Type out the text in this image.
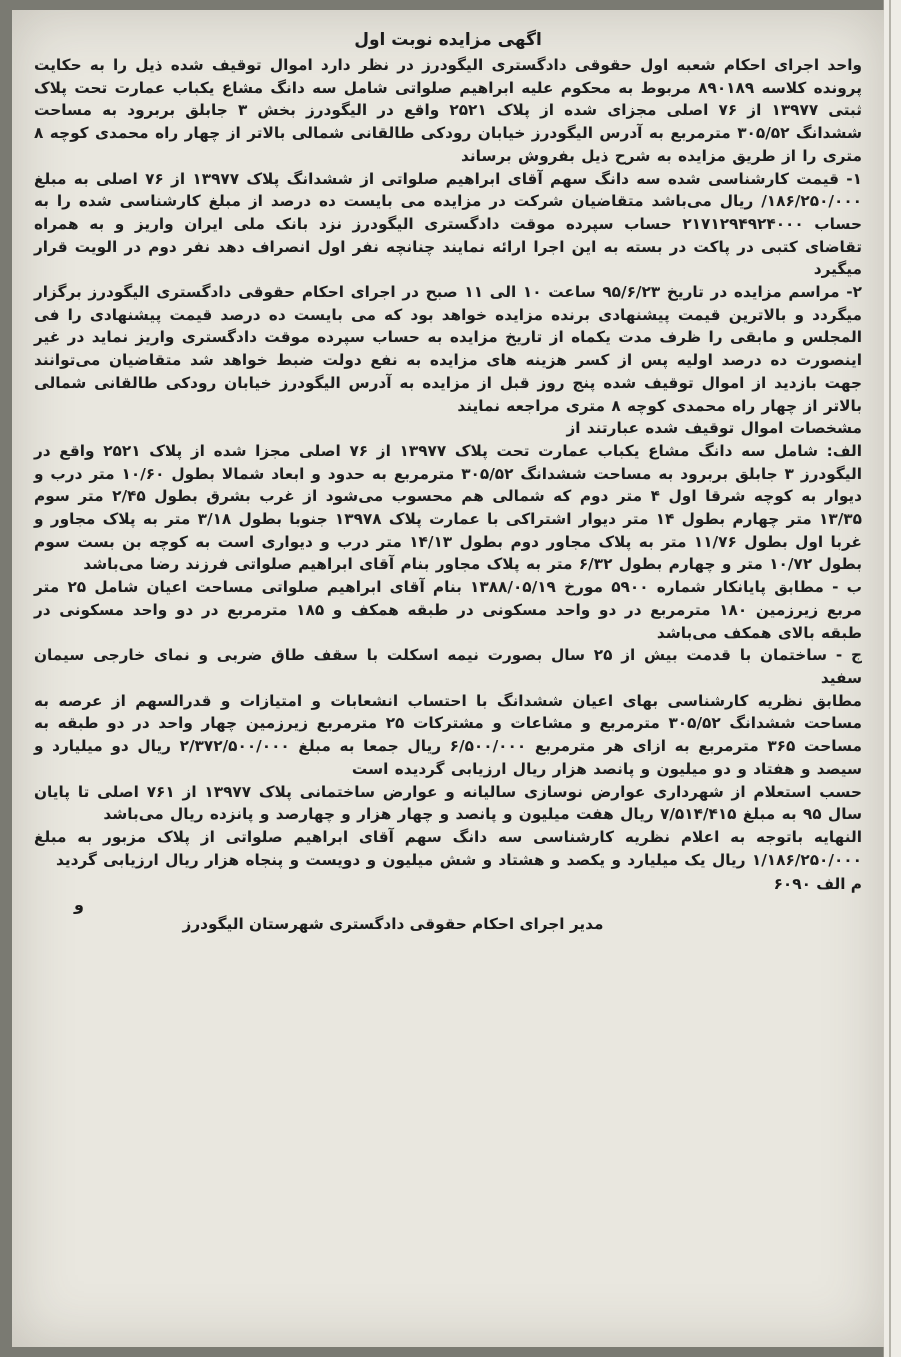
اگهی مزایده نوبت اول

واحد اجرای احکام شعبه اول حقوقی دادگستری الیگودرز در نظر دارد اموال توقیف شده ذیل را به حکایت پرونده کلاسه ۸۹۰۱۸۹ مربوط به محکوم علیه ابراهیم صلواتی شامل سه دانگ مشاع یکباب عمارت تحت پلاک ثبتی ۱۳۹۷۷ از ۷۶ اصلی مجزای شده از پلاک ۲۵۲۱ واقع در الیگودرز بخش ۳ جابلق بربرود به مساحت ششدانگ ۳۰۵/۵۲ مترمربع به آدرس الیگودرز خیابان رودکی طالقانی شمالی بالاتر از چهار راه محمدی کوچه ۸ متری را از طریق مزایده به شرح ذیل بفروش برساند

۱- قیمت کارشناسی شده سه دانگ سهم آقای ابراهیم صلواتی از ششدانگ پلاک ۱۳۹۷۷ از ۷۶ اصلی به مبلغ ۱۸۶/۲۵۰/۰۰۰/ ریال می‌باشد متقاضیان شرکت در مزایده می بایست ده درصد از مبلغ کارشناسی شده را به حساب ۲۱۷۱۲۹۴۹۲۴۰۰۰ حساب سپرده موقت دادگستری الیگودرز نزد بانک ملی ایران واریز و به همراه تقاضای کتبی در پاکت در بسته به این اجرا ارائه نمایند چنانچه نفر اول انصراف دهد نفر دوم در الویت قرار میگیرد

۲- مراسم مزایده در تاریخ ۹۵/۶/۲۳ ساعت ۱۰ الی ۱۱ صبح در اجرای احکام حقوقی دادگستری الیگودرز برگزار میگردد و بالاترین قیمت پیشنهادی برنده مزایده خواهد بود که می بایست ده درصد قیمت پیشنهادی را فی المجلس و مابقی را ظرف مدت یکماه از تاریخ مزایده به حساب سپرده موقت دادگستری واریز نماید در غیر اینصورت ده درصد اولیه پس از کسر هزینه های مزایده به نفع دولت ضبط خواهد شد متقاضیان می‌توانند جهت بازدید از اموال توقیف شده پنج روز قبل از مزایده به آدرس الیگودرز خیابان رودکی طالقانی شمالی بالاتر از چهار راه محمدی کوچه ۸ متری مراجعه نمایند

مشخصات اموال توقیف شده عبارتند از

الف: شامل سه دانگ مشاع یکباب عمارت تحت پلاک ۱۳۹۷۷ از ۷۶ اصلی مجزا شده از پلاک ۲۵۲۱ واقع در الیگودرز ۳ جابلق بربرود به مساحت ششدانگ ۳۰۵/۵۲ مترمربع به حدود و ابعاد شمالا بطول ۱۰/۶۰ متر درب و دیوار به کوچه شرقا اول ۴ متر دوم که شمالی هم محسوب می‌شود از غرب بشرق بطول ۲/۴۵ متر سوم ۱۳/۳۵ متر چهارم بطول ۱۴ متر دیوار اشتراکی با عمارت پلاک ۱۳۹۷۸ جنوبا بطول ۳/۱۸ متر به پلاک مجاور و غربا اول بطول ۱۱/۷۶ متر به پلاک مجاور دوم بطول ۱۴/۱۳ متر درب و دیواری است به کوچه بن بست سوم بطول ۱۰/۷۲ متر و چهارم بطول ۶/۳۲ متر به پلاک مجاور بنام آقای ابراهیم صلواتی فرزند رضا می‌باشد

ب - مطابق پایانکار شماره ۵۹۰۰ مورخ ۱۳۸۸/۰۵/۱۹ بنام آقای ابراهیم صلواتی مساحت اعیان شامل ۲۵ متر مربع زیرزمین ۱۸۰ مترمربع در دو واحد مسکونی در طبقه همکف و ۱۸۵ مترمربع در دو واحد مسکونی در طبقه بالای همکف می‌باشد

ج - ساختمان با قدمت بیش از ۲۵ سال بصورت نیمه اسکلت با سقف طاق ضربی و نمای خارجی سیمان سفید

مطابق نظریه کارشناسی بهای اعیان ششدانگ با احتساب انشعابات و امتیازات و قدرالسهم از عرصه به مساحت ششدانگ ۳۰۵/۵۲ مترمربع و مشاعات و مشترکات ۲۵ مترمربع زیرزمین چهار واحد در دو طبقه به مساحت ۳۶۵ مترمربع به ازای هر مترمربع ۶/۵۰۰/۰۰۰ ریال جمعا به مبلغ ۲/۳۷۲/۵۰۰/۰۰۰ ریال دو میلیارد و سیصد و هفتاد و دو میلیون و پانصد هزار ریال ارزیابی گردیده است

حسب استعلام از شهرداری عوارض نوسازی سالیانه و عوارض ساختمانی پلاک ۱۳۹۷۷ از ۷۶۱ اصلی تا پایان سال ۹۵ به مبلغ ۷/۵۱۴/۴۱۵ ریال هفت میلیون و پانصد و چهار هزار و چهارصد و پانزده ریال می‌باشد

النهایه باتوجه به اعلام نظریه کارشناسی سه دانگ سهم آقای ابراهیم صلواتی از پلاک مزبور به مبلغ ۱/۱۸۶/۲۵۰/۰۰۰ ریال یک میلیارد و یکصد و هشتاد و شش میلیون و دویست و پنجاه هزار ریال ارزیابی گردید

م الف ۶۰۹۰
و
مدیر اجرای احکام حقوقی دادگستری شهرستان الیگودرز
